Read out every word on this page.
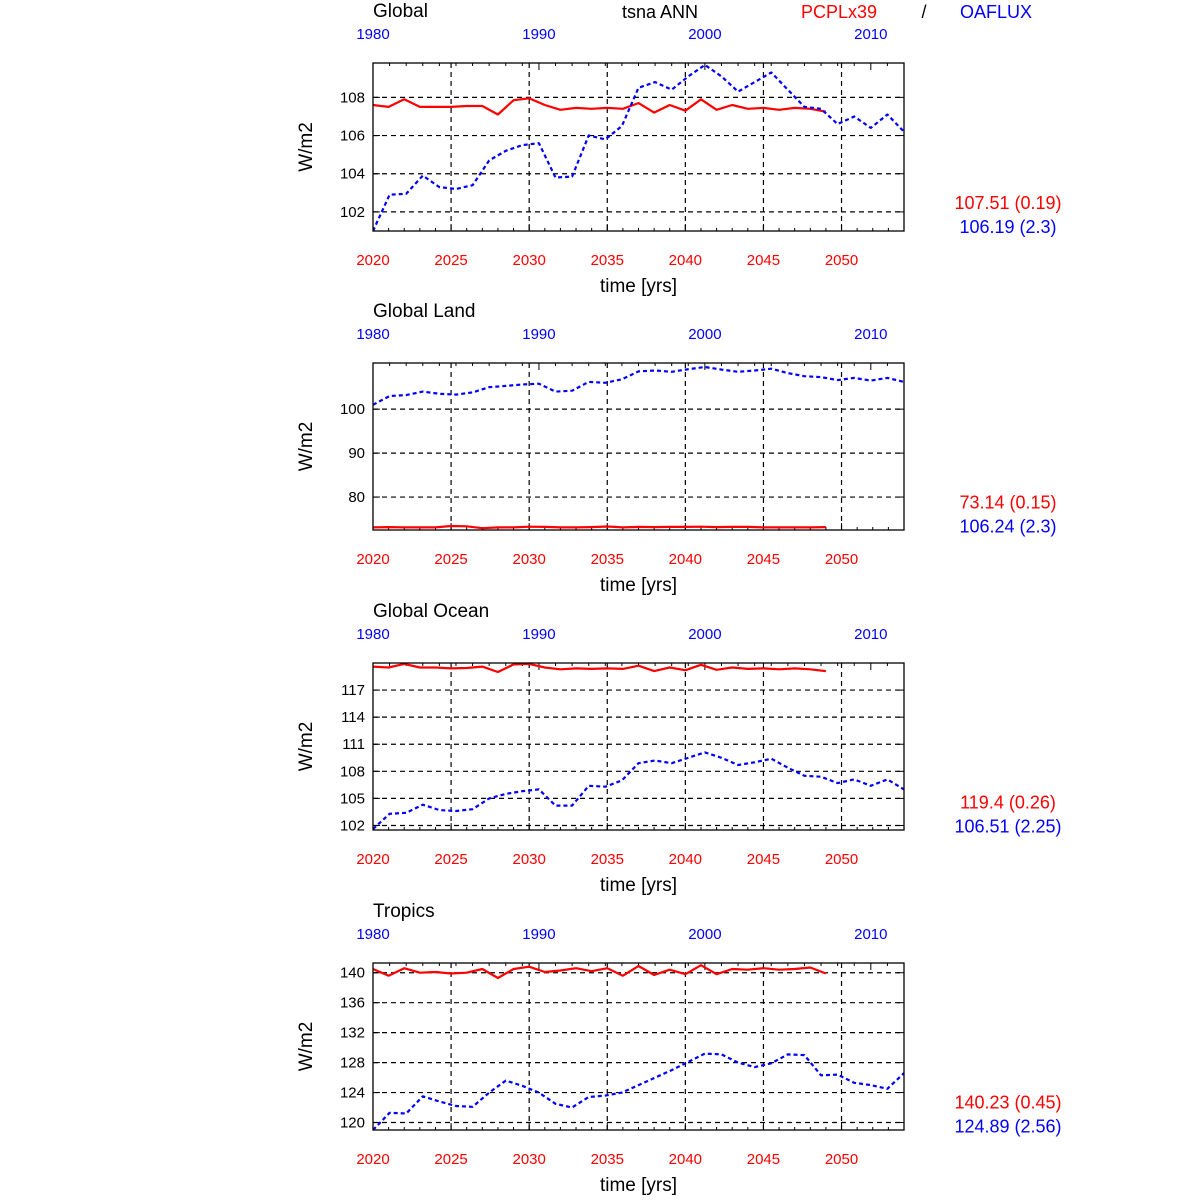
tsna ANN	PCPLx39 / OAFLUX
Global
time [yrs]
W/m2
102
104
106
108
2020	2025	2030	2035	2040	2045	2050
1980	1990	2000	2010
107.51 (0.19)
106.19 (2.3)
Global Land
time [yrs]
W/m2
80
90
100
2020	2025	2030	2035	2040	2045	2050
1980	1990	2000	2010
73.14 (0.15)
106.24 (2.3)
Global Ocean
time [yrs]
W/m2
102
105
108
111
114
117
2020	2025	2030	2035	2040	2045	2050
1980	1990	2000	2010
119.4 (0.26)
106.51 (2.25)
Tropics
time [yrs]
W/m2
120
124
128
132
136
140
2020	2025	2030	2035	2040	2045	2050
1980	1990	2000	2010
140.23 (0.45)
124.89 (2.56)
